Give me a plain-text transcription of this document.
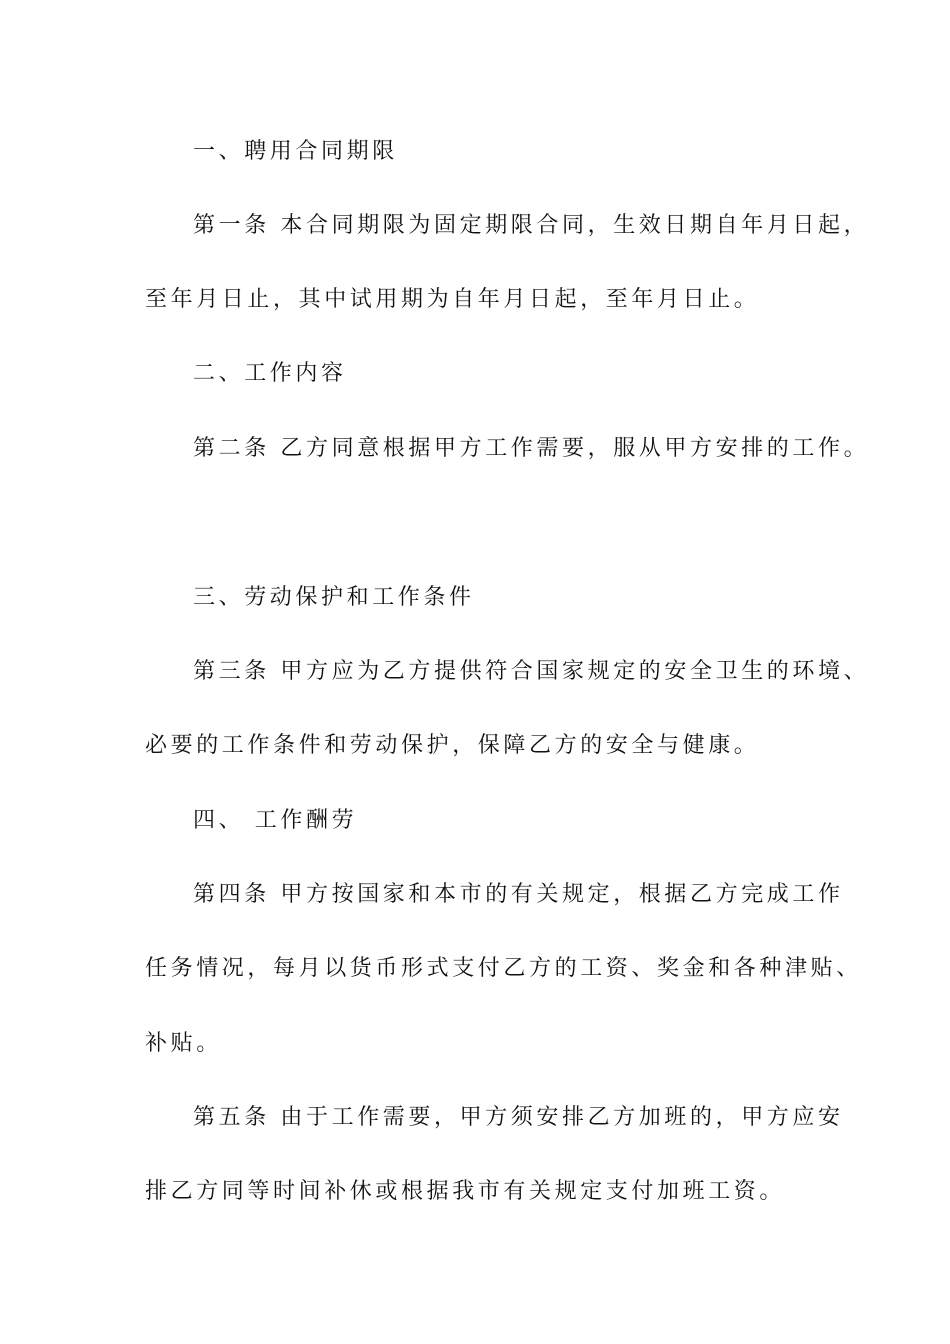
一、聘用合同期限

第一条 本合同期限为固定期限合同，生效日期自年月日起，

至年月日止，其中试用期为自年月日起，至年月日止。

二、工作内容

第二条 乙方同意根据甲方工作需要，服从甲方安排的工作。

三、劳动保护和工作条件

第三条 甲方应为乙方提供符合国家规定的安全卫生的环境、

必要的工作条件和劳动保护，保障乙方的安全与健康。

四、 工作酬劳

第四条 甲方按国家和本市的有关规定，根据乙方完成工作

任务情况，每月以货币形式支付乙方的工资、奖金和各种津贴、

补贴。

第五条 由于工作需要，甲方须安排乙方加班的，甲方应安

排乙方同等时间补休或根据我市有关规定支付加班工资。
